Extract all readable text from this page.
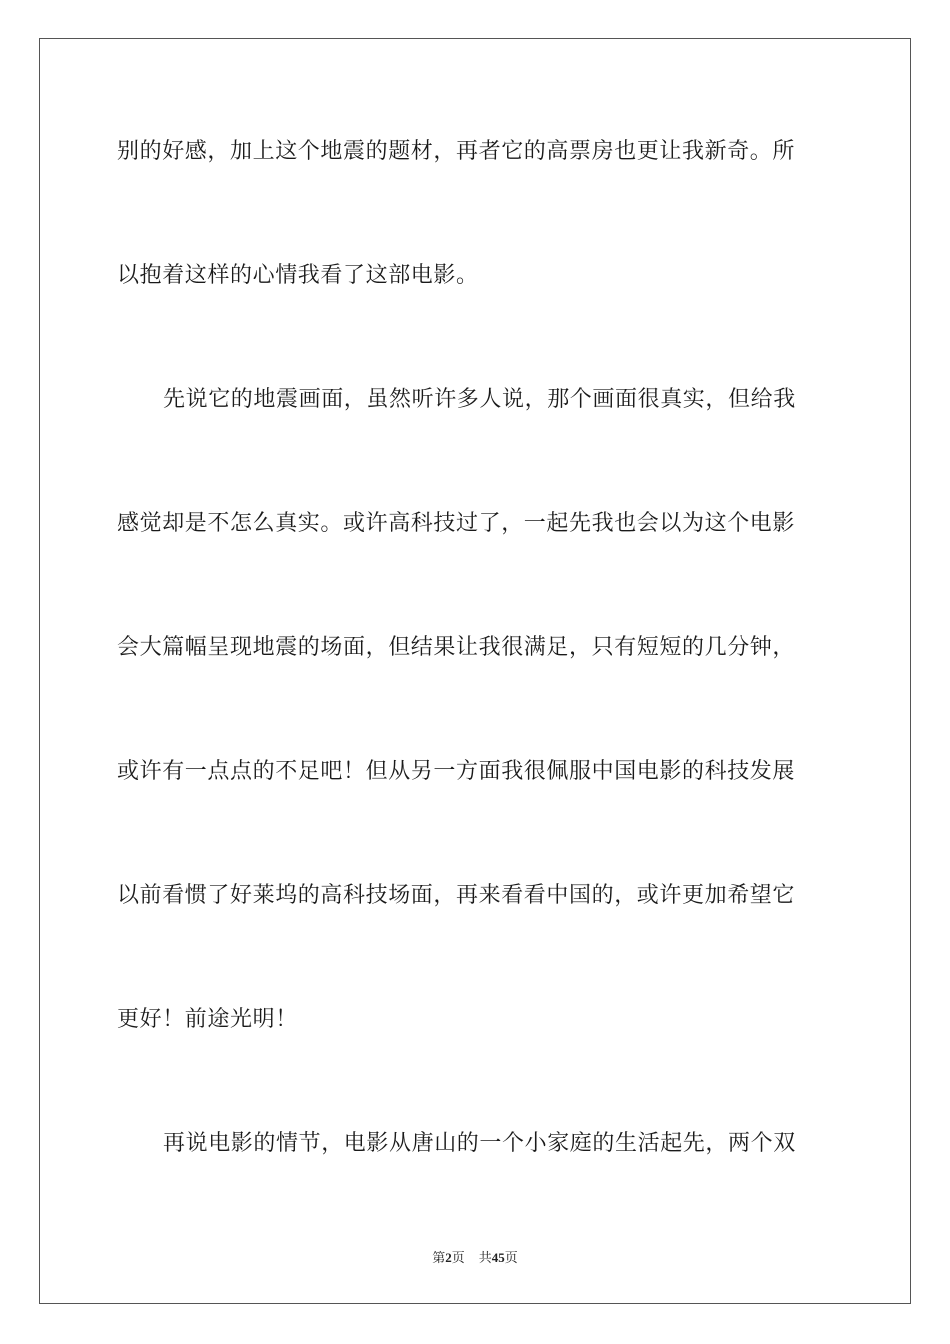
别的好感，加上这个地震的题材，再者它的高票房也更让我新奇。所
以抱着这样的心情我看了这部电影。
先说它的地震画面，虽然听许多人说，那个画面很真实，但给我
感觉却是不怎么真实。或许高科技过了，一起先我也会以为这个电影
会大篇幅呈现地震的场面，但结果让我很满足，只有短短的几分钟，
或许有一点点的不足吧！但从另一方面我很佩服中国电影的科技发展
以前看惯了好莱坞的高科技场面，再来看看中国的，或许更加希望它
更好！前途光明！
再说电影的情节，电影从唐山的一个小家庭的生活起先，两个双
第2页 共45页
